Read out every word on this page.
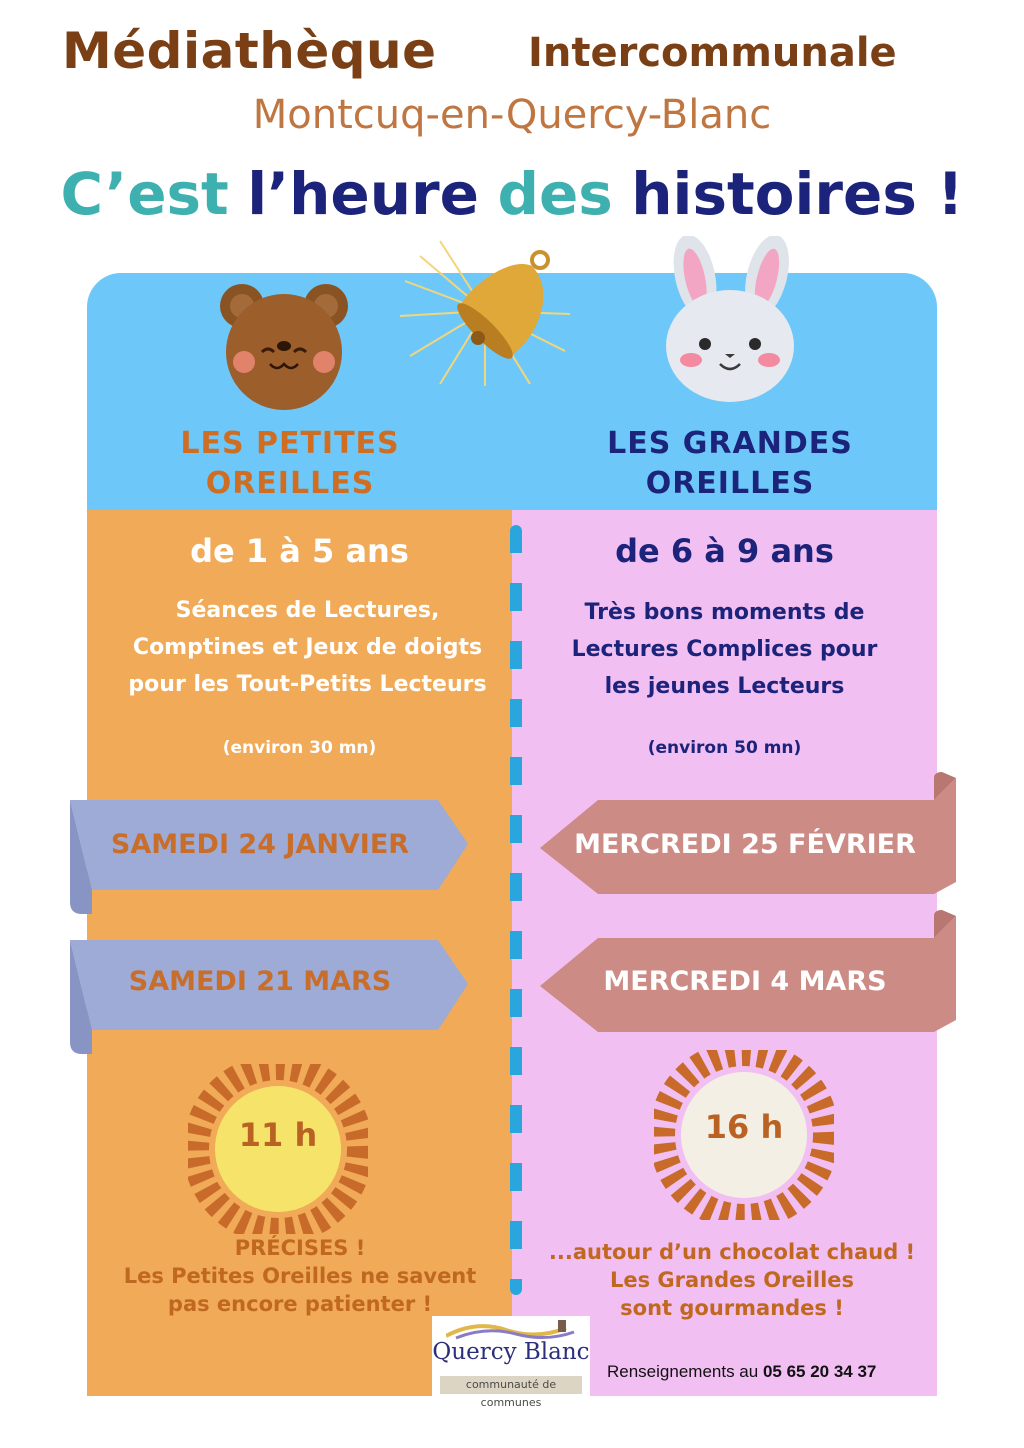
Médiathèque Intercommunale
Montcuq-en-Quercy-Blanc
C’est l’heure des histoires !
LES PETITES OREILLES
LES GRANDES OREILLES
de 1 à 5 ans	de 6 à 9 ans
Séances de Lectures,
Comptines et Jeux de doigts
pour les Tout-Petits Lecteurs
Très bons moments de
Lectures Complices pour
les jeunes Lecteurs
(environ 30 mn)	(environ 50 mn)
SAMEDI 24 JANVIER
SAMEDI 21 MARS
MERCREDI 25 FÉVRIER
MERCREDI 4 MARS
11 h	16 h
PRÉCISES !
Les Petites Oreilles ne savent
pas encore patienter !
...autour d’un chocolat chaud !
Les Grandes Oreilles
sont gourmandes !
Quercy Blanc
communauté de communes
Renseignements au 05 65 20 34 37
